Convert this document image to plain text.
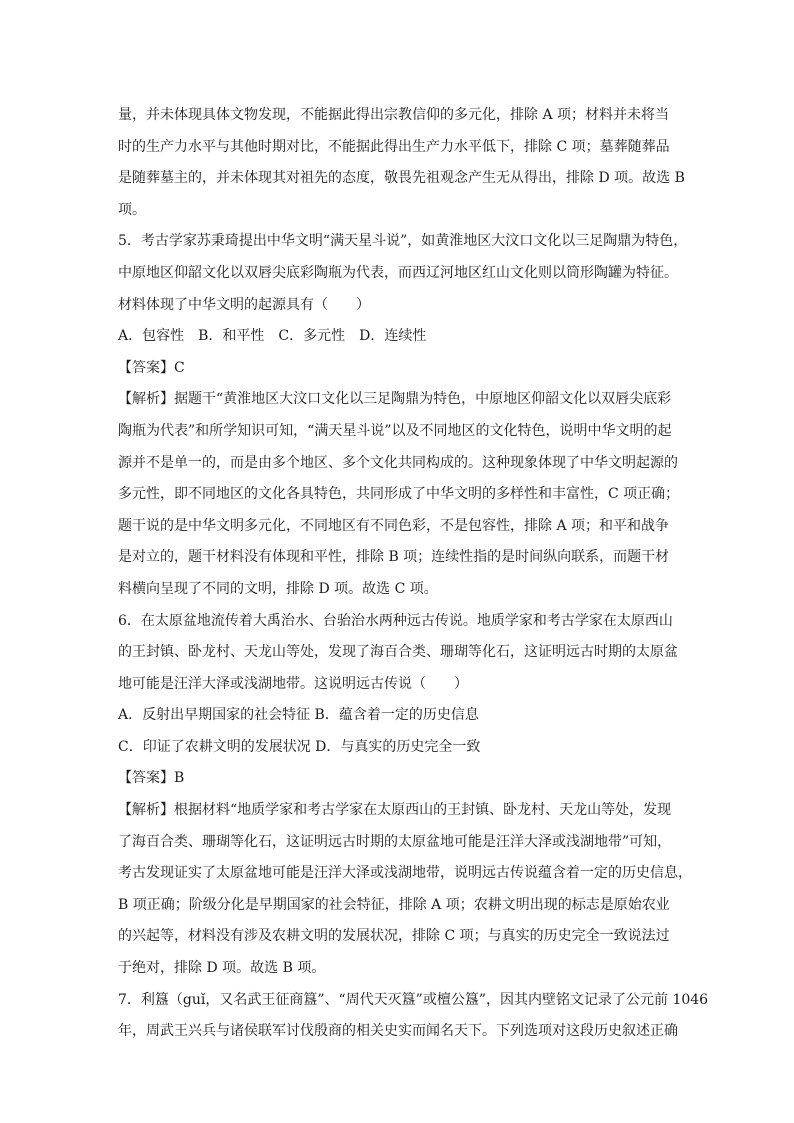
量，并未体现具体文物发现，不能据此得出宗教信仰的多元化，排除 A 项；材料并未将当
时的生产力水平与其他时期对比，不能据此得出生产力水平低下，排除 C 项；墓葬随葬品
是随葬墓主的，并未体现其对祖先的态度，敬畏先祖观念产生无从得出，排除 D 项。故选 B
项。
5．考古学家苏秉琦提出中华文明“满天星斗说”，如黄淮地区大汶口文化以三足陶鼎为特色，
中原地区仰韶文化以双唇尖底彩陶瓶为代表，而西辽河地区红山文化则以筒形陶罐为特征。
材料体现了中华文明的起源具有（　　）
A．包容性　B．和平性　C．多元性　D．连续性
【答案】C
【解析】据题干“黄淮地区大汶口文化以三足陶鼎为特色，中原地区仰韶文化以双唇尖底彩
陶瓶为代表”和所学知识可知，“满天星斗说”以及不同地区的文化特色，说明中华文明的起
源并不是单一的，而是由多个地区、多个文化共同构成的。这种现象体现了中华文明起源的
多元性，即不同地区的文化各具特色，共同形成了中华文明的多样性和丰富性，C 项正确；
题干说的是中华文明多元化，不同地区有不同色彩，不是包容性，排除 A 项；和平和战争
是对立的，题干材料没有体现和平性，排除 B 项；连续性指的是时间纵向联系，而题干材
料横向呈现了不同的文明，排除 D 项。故选 C 项。
6．在太原盆地流传着大禹治水、台骀治水两种远古传说。地质学家和考古学家在太原西山
的王封镇、卧龙村、天龙山等处，发现了海百合类、珊瑚等化石，这证明远古时期的太原盆
地可能是汪洋大泽或浅湖地带。这说明远古传说（　　）
A．反射出早期国家的社会特征 B．蕴含着一定的历史信息
C．印证了农耕文明的发展状况 D．与真实的历史完全一致
【答案】B
【解析】根据材料“地质学家和考古学家在太原西山的王封镇、卧龙村、天龙山等处，发现
了海百合类、珊瑚等化石，这证明远古时期的太原盆地可能是汪洋大泽或浅湖地带”可知，
考古发现证实了太原盆地可能是汪洋大泽或浅湖地带，说明远古传说蕴含着一定的历史信息，
B 项正确；阶级分化是早期国家的社会特征，排除 A 项；农耕文明出现的标志是原始农业
的兴起等，材料没有涉及农耕文明的发展状况，排除 C 项；与真实的历史完全一致说法过
于绝对，排除 D 项。故选 B 项。
7．利簋（guǐ，又名武王征商簋”、“周代天灭簋”或檀公簋”，因其内壁铭文记录了公元前 1046
年，周武王兴兵与诸侯联军讨伐殷商的相关史实而闻名天下。下列选项对这段历史叙述正确
